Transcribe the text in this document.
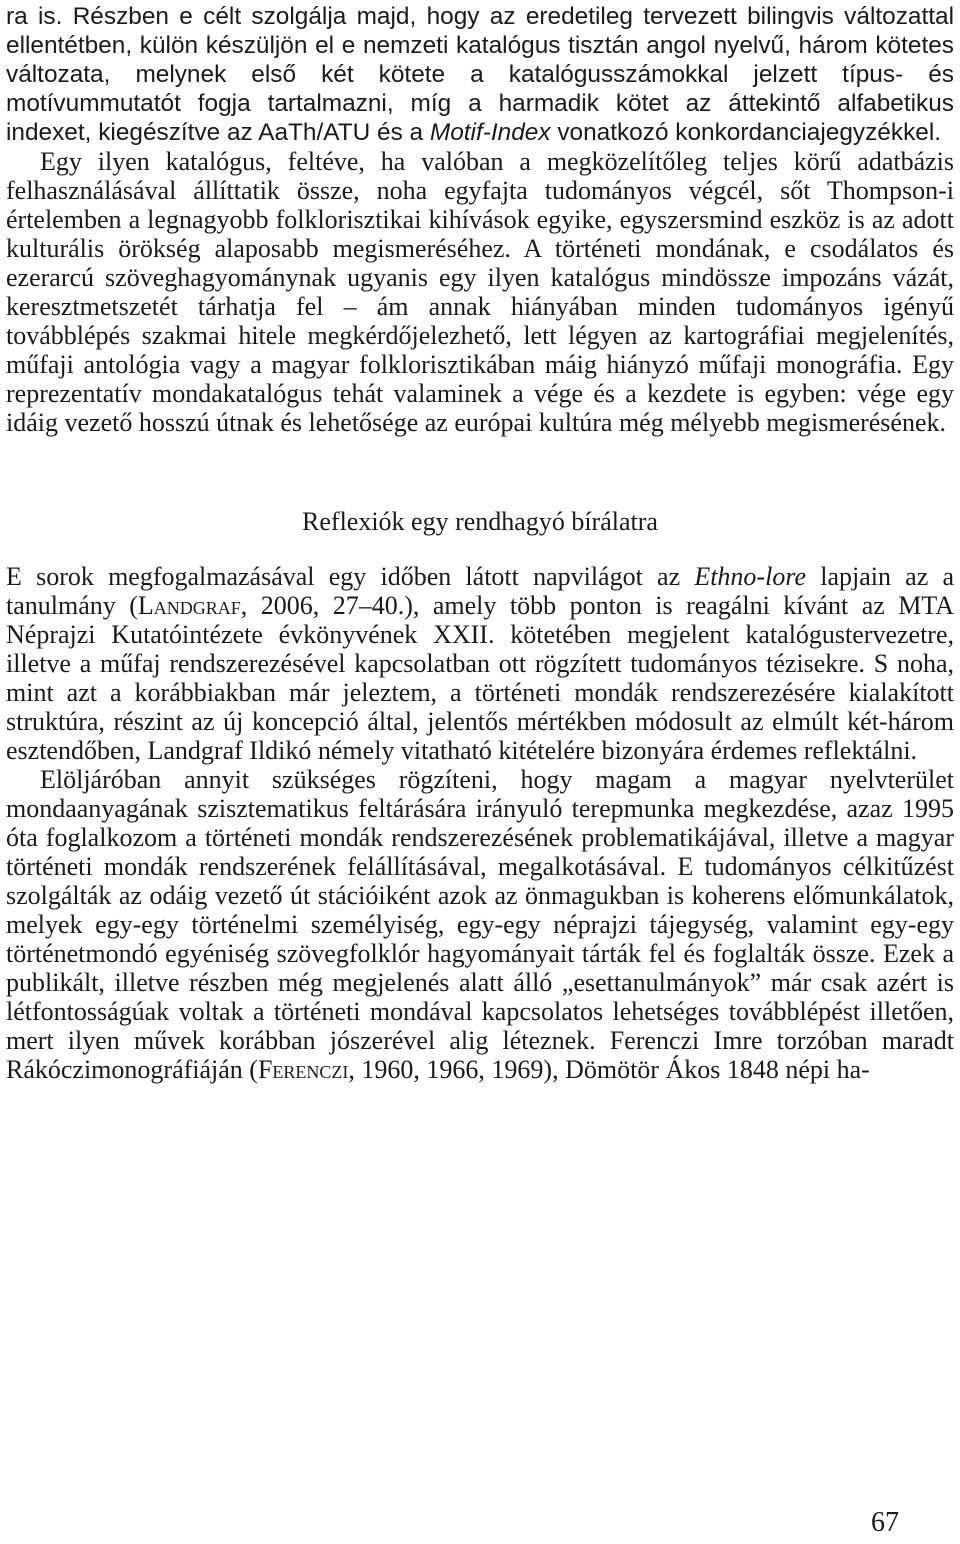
ra is. Részben e célt szolgálja majd, hogy az eredetileg tervezett bilingvis változattal ellentétben, külön készüljön el e nemzeti katalógus tisztán angol nyelvű, három kötetes változata, melynek első két kötete a katalógusszámokkal jelzett típus- és motívummutatót fogja tartalmazni, míg a harmadik kötet az áttekintő alfabetikus indexet, kiegészítve az AaTh/ATU és a Motif-Index vonatkozó konkordanciajegyzékkel.

Egy ilyen katalógus, feltéve, ha valóban a megközelítőleg teljes körű adatbázis felhasználásával állíttatik össze, noha egyfajta tudományos végcél, sőt Thompson-i értelemben a legnagyobb folklorisztikai kihívások egyike, egyszersmind eszköz is az adott kulturális örökség alaposabb megismeréséhez. A történeti mondának, e csodálatos és ezerarcú szöveghagyománynak ugyanis egy ilyen katalógus mindössze impozáns vázát, keresztmetszetét tárhatja fel – ám annak hiányában minden tudományos igényű továbblépés szakmai hitele megkérdőjelezhető, lett légyen az kartográfiai megjelenítés, műfaji antológia vagy a magyar folklorisztikában máig hiányzó műfaji monográfia. Egy reprezentatív mondakatalógus tehát valaminek a vége és a kezdete is egyben: vége egy idáig vezető hosszú útnak és lehetősége az európai kultúra még mélyebb megismerésének.

Reflexiók egy rendhagyó bírálatra

E sorok megfogalmazásával egy időben látott napvilágot az Ethno-lore lapjain az a tanulmány (Landgraf, 2006, 27–40.), amely több ponton is reagálni kívánt az MTA Néprajzi Kutatóintézete évkönyvének XXII. kötetében megjelent katalógustervezetre, illetve a műfaj rendszerezésével kapcsolatban ott rögzített tudományos tézisekre. S noha, mint azt a korábbiakban már jeleztem, a történeti mondák rendszerezésére kialakított struktúra, részint az új koncepció által, jelentős mértékben módosult az elmúlt két-három esztendőben, Landgraf Ildikó némely vitatható kitételére bizonyára érdemes reflektálni.

Elöljáróban annyit szükséges rögzíteni, hogy magam a magyar nyelvterület mondaanyagának szisztematikus feltárására irányuló terepmunka megkezdése, azaz 1995 óta foglalkozom a történeti mondák rendszerezésének problematikájával, illetve a magyar történeti mondák rendszerének felállításával, megalkotásával. E tudományos célkitűzést szolgálták az odáig vezető út stációiként azok az önmagukban is koherens előmunkálatok, melyek egy-egy történelmi személyiség, egy-egy néprajzi tájegység, valamint egy-egy történetmondó egyéniség szövegfolklór hagyományait tárták fel és foglalták össze. Ezek a publikált, illetve részben még megjelenés alatt álló „esettanulmányok” már csak azért is létfontosságúak voltak a történeti mondával kapcsolatos lehetséges továbblépést illetően, mert ilyen művek korábban jószerével alig léteznek. Ferenczi Imre torzóban maradt Rákóczimonográfiáján (Ferenczi, 1960, 1966, 1969), Dömötör Ákos 1848 népi ha-

67
